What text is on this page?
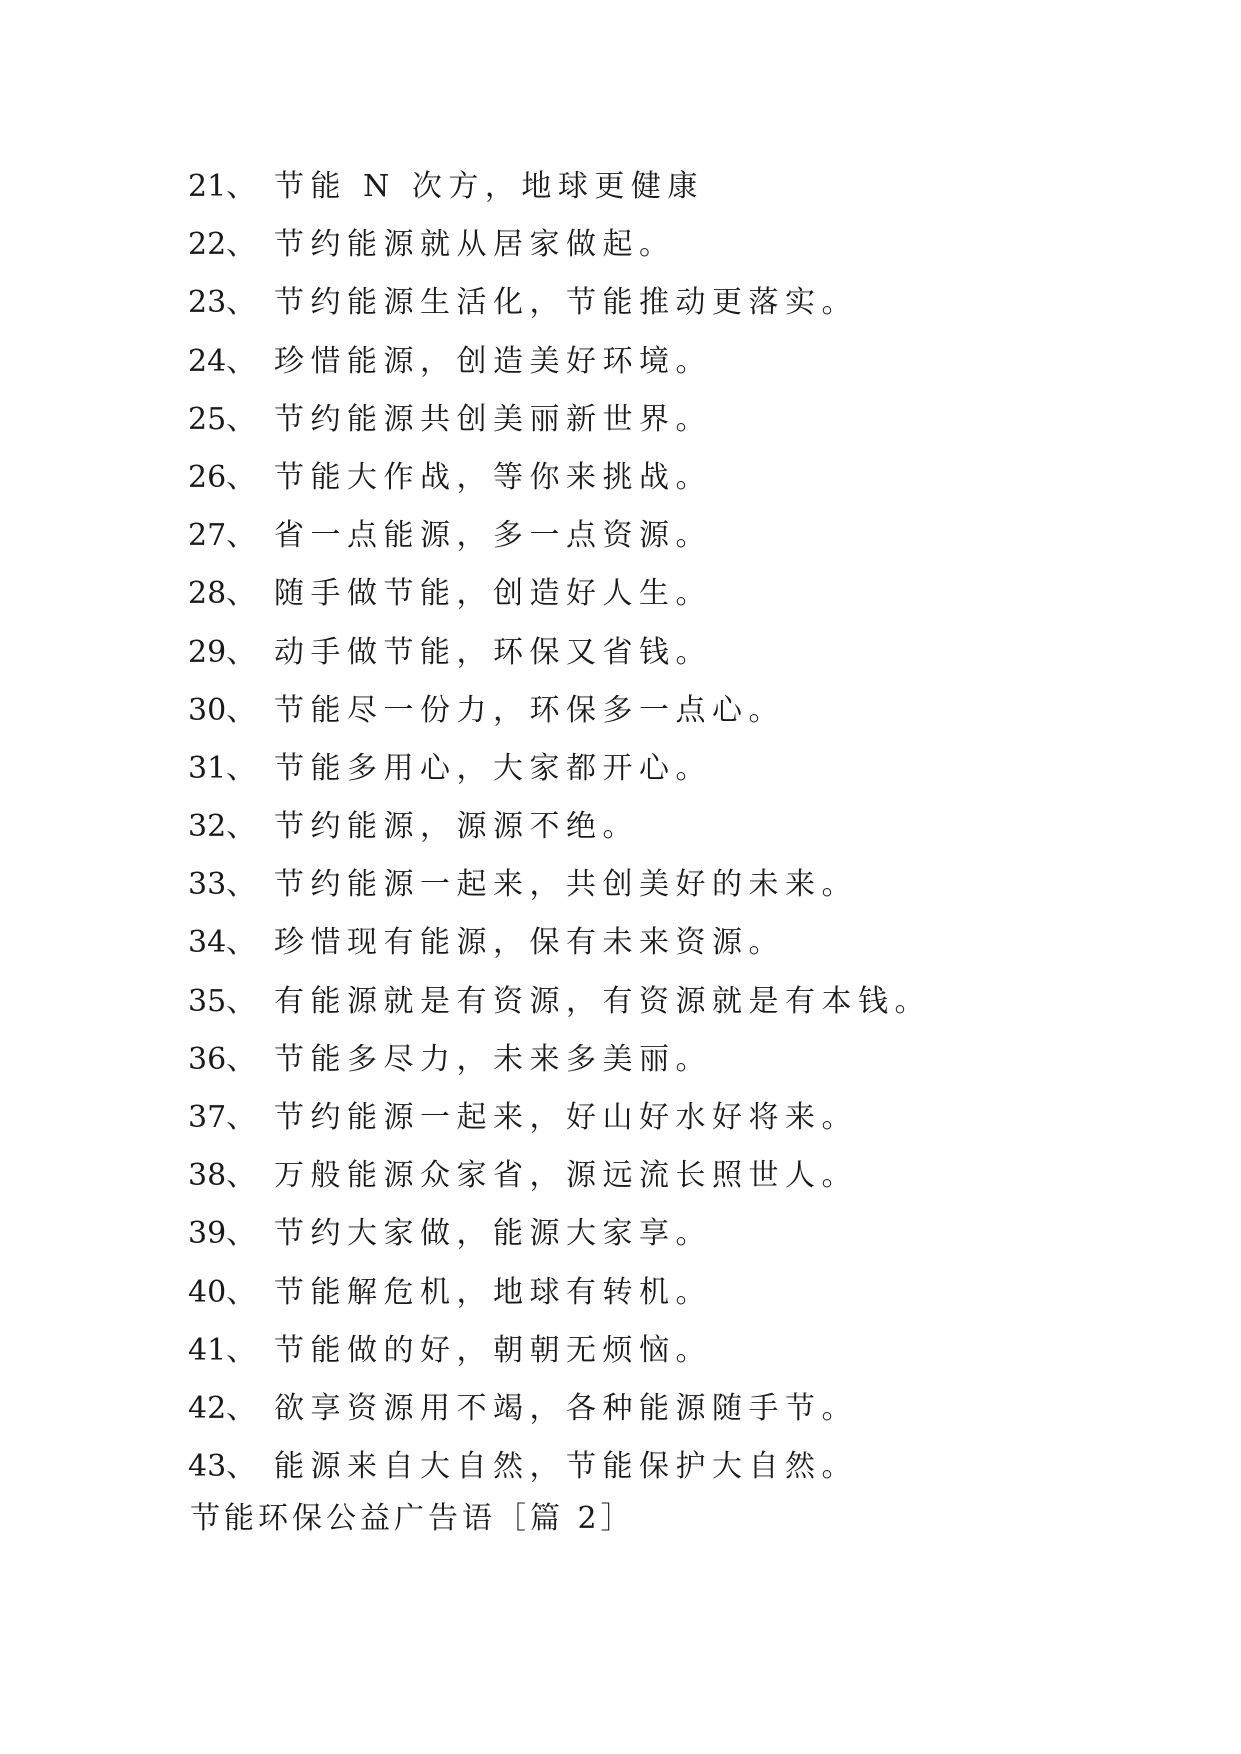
21、 节能 N 次方，地球更健康
22、 节约能源就从居家做起。
23、 节约能源生活化，节能推动更落实。
24、 珍惜能源，创造美好环境。
25、 节约能源共创美丽新世界。
26、 节能大作战，等你来挑战。
27、 省一点能源，多一点资源。
28、 随手做节能，创造好人生。
29、 动手做节能，环保又省钱。
30、 节能尽一份力，环保多一点心。
31、 节能多用心，大家都开心。
32、 节约能源，源源不绝。
33、 节约能源一起来，共创美好的未来。
34、 珍惜现有能源，保有未来资源。
35、 有能源就是有资源，有资源就是有本钱。
36、 节能多尽力，未来多美丽。
37、 节约能源一起来，好山好水好将来。
38、 万般能源众家省，源远流长照世人。
39、 节约大家做，能源大家享。
40、 节能解危机，地球有转机。
41、 节能做的好，朝朝无烦恼。
42、 欲享资源用不竭，各种能源随手节。
43、 能源来自大自然，节能保护大自然。
节能环保公益广告语［篇 2］
